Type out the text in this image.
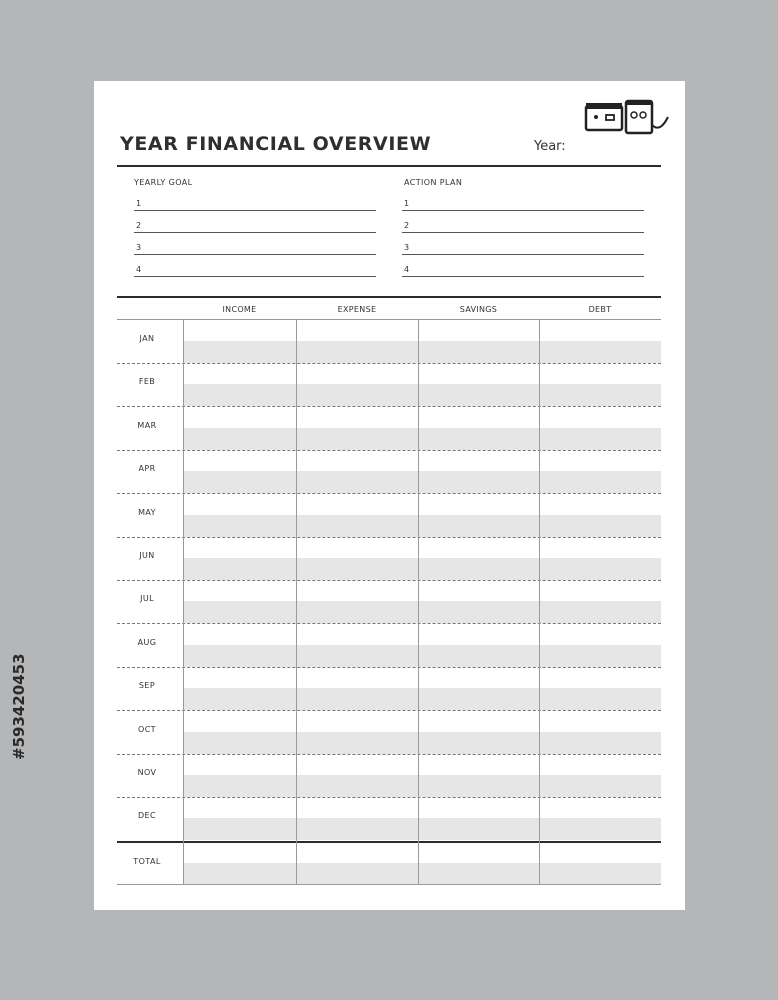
YEAR FINANCIAL OVERVIEW	Year:
YEARLY GOAL	ACTION PLAN
1
2
3
4
1
2
3
4
INCOME	EXPENSE	SAVINGS	DEBT
JAN
FEB
MAR
APR
MAY
JUN
JUL
AUG
SEP
OCT
NOV
DEC
TOTAL
#593420453
